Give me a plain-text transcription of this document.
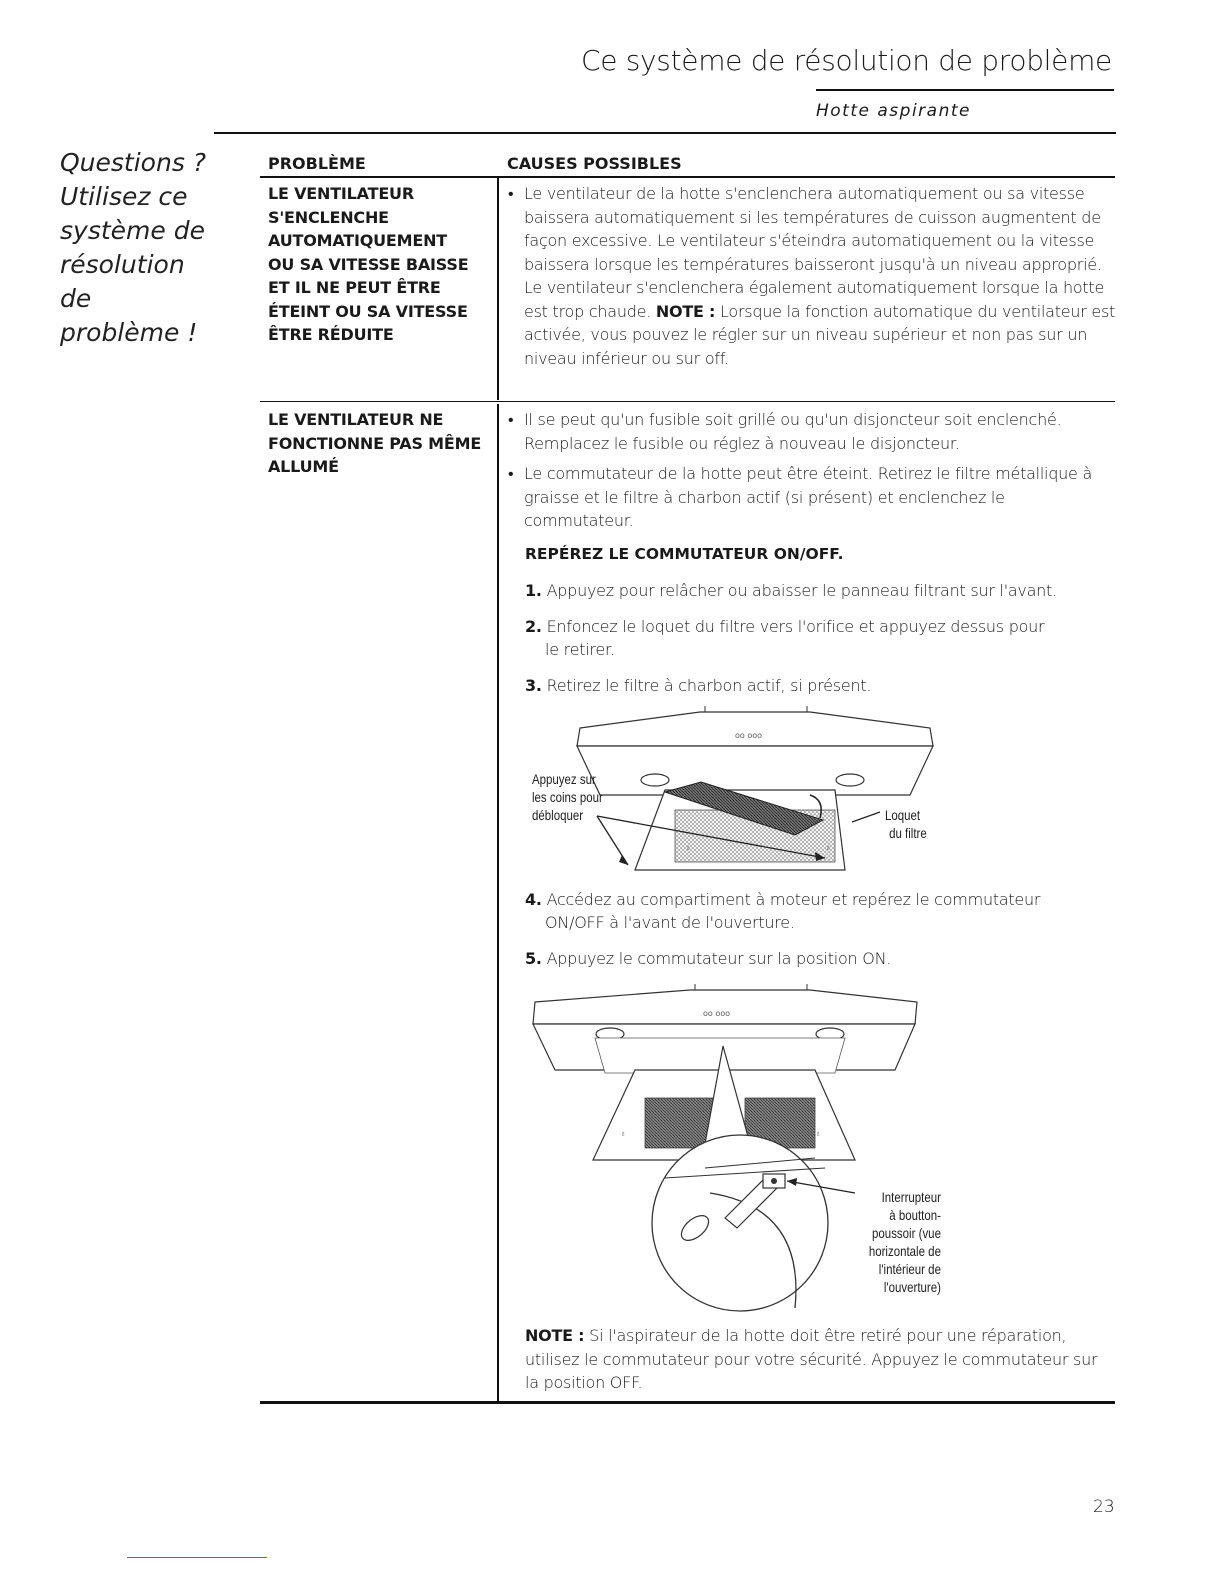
Ce système de résolution de problème
Hotte aspirante
Questions ?
Utilisez ce
système de
résolution
de
problème !
PROBLÈME	CAUSES POSSIBLES
LE VENTILATEUR
S'ENCLENCHE
AUTOMATIQUEMENT
OU SA VITESSE BAISSE
ET IL NE PEUT ÊTRE
ÉTEINT OU SA VITESSE
ÊTRE RÉDUITE
• Le ventilateur de la hotte s'enclenchera automatiquement ou sa vitesse baissera automatiquement si les températures de cuisson augmentent de façon excessive. Le ventilateur s'éteindra automatiquement ou la vitesse baissera lorsque les températures baisseront jusqu'à un niveau approprié. Le ventilateur s'enclenchera également automatiquement lorsque la hotte est trop chaude. NOTE : Lorsque la fonction automatique du ventilateur est activée, vous pouvez le régler sur un niveau supérieur et non pas sur un niveau inférieur ou sur off.
LE VENTILATEUR NE
FONCTIONNE PAS MÊME
ALLUMÉ
• Il se peut qu'un fusible soit grillé ou qu'un disjoncteur soit enclenché. Remplacez le fusible ou réglez à nouveau le disjoncteur.
• Le commutateur de la hotte peut être éteint. Retirez le filtre métallique à graisse et le filtre à charbon actif (si présent) et enclenchez le commutateur.
REPÉREZ LE COMMUTATEUR ON/OFF.
1. Appuyez pour relâcher ou abaisser le panneau filtrant sur l'avant.
2. Enfoncez le loquet du filtre vers l'orifice et appuyez dessus pour
le retirer.
3. Retirez le filtre à charbon actif, si présent.
oo ooo
♁	♁
Appuyez sur
les coins pour
débloquer	Loquet
du filtre
4. Accédez au compartiment à moteur et repérez le commutateur
ON/OFF à l'avant de l'ouverture.
5. Appuyez le commutateur sur la position ON.
oo ooo
♁	♁
Interrupteur
à boutton-
poussoir (vue
horizontale de
l'intérieur de
l'ouverture)
NOTE : Si l'aspirateur de la hotte doit être retiré pour une réparation, utilisez le commutateur pour votre sécurité. Appuyez le commutateur sur la position OFF.
23
